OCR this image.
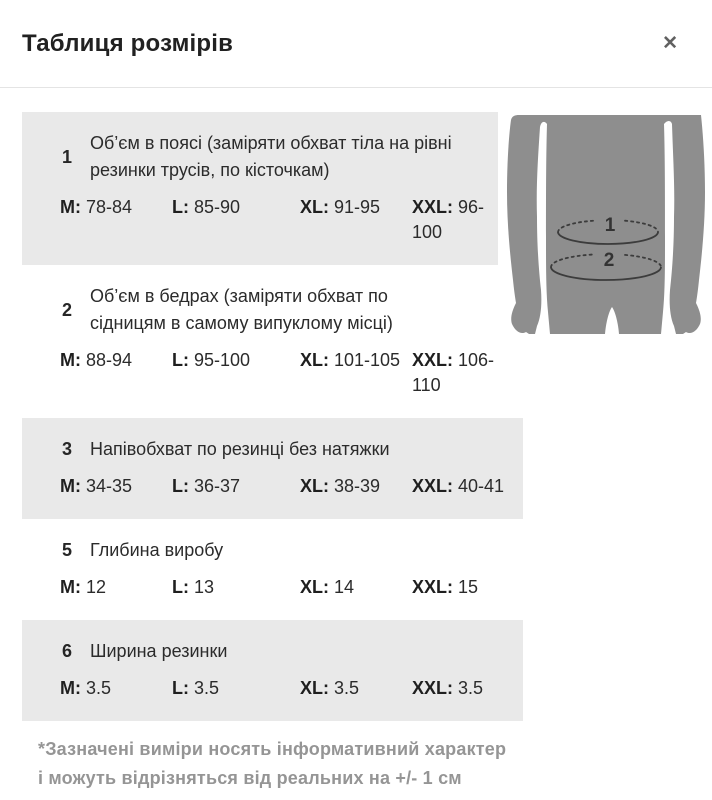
Таблиця розмірів	✕
1
Об’єм в поясі (заміряти обхват тіла на рівні
резинки трусів, по кісточкам)
M: 78-84	L: 85-90	XL: 91-95	XXL: 96-100
2
Об’єм в бедрах (заміряти обхват по
сідницям в самому випуклому місці)
M: 88-94	L: 95-100	XL: 101-105 XXL: 106-110
1
2
3 Напівобхват по резинці без натяжки
M: 34-35	L: 36-37	XL: 38-39	XXL: 40-41
5 Глибина виробу
M: 12	L: 13	XL: 14	XXL: 15
6 Ширина резинки
M: 3.5	L: 3.5	XL: 3.5	XXL: 3.5
*Зазначені виміри носять інформативний характер
і можуть відрізняться від реальних на +/- 1 см
